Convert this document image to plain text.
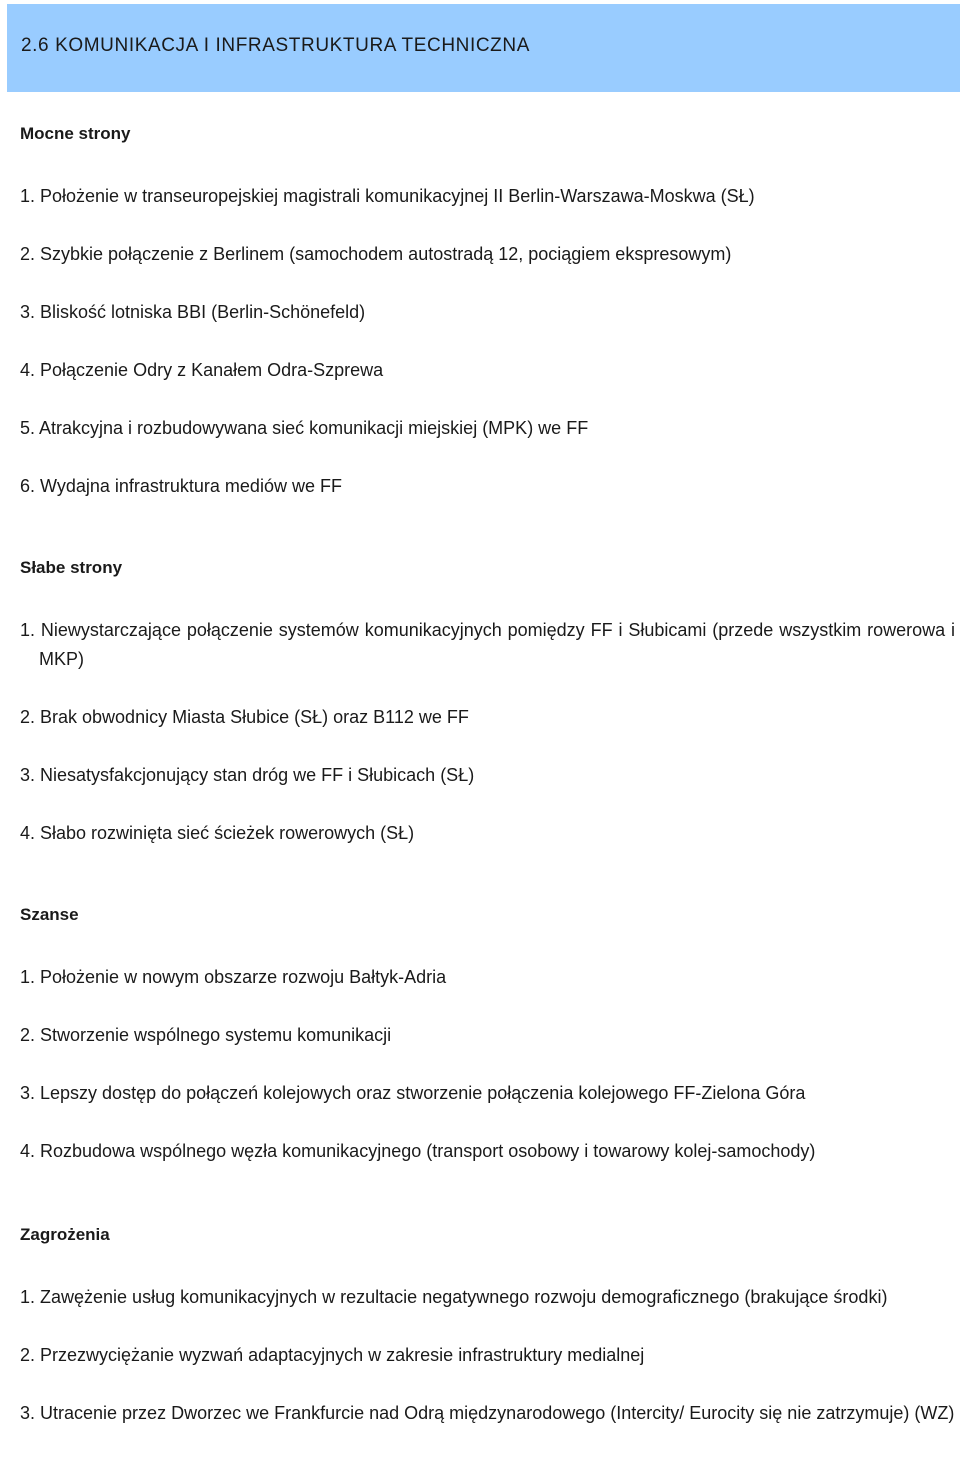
2.6 KOMUNIKACJA I INFRASTRUKTURA TECHNICZNA

Mocne strony

1. Położenie w transeuropejskiej magistrali komunikacyjnej II Berlin-Warszawa-Moskwa (SŁ)
2. Szybkie połączenie z Berlinem (samochodem autostradą 12, pociągiem ekspresowym)
3. Bliskość lotniska BBI (Berlin-Schönefeld)
4. Połączenie Odry z Kanałem Odra-Szprewa
5. Atrakcyjna i rozbudowywana sieć komunikacji miejskiej (MPK) we FF
6. Wydajna infrastruktura mediów we FF

Słabe strony

1. Niewystarczające połączenie systemów komunikacyjnych pomiędzy FF i Słubicami (przede wszystkim rowerowa i MKP)
2. Brak obwodnicy Miasta Słubice (SŁ) oraz B112 we FF
3. Niesatysfakcjonujący stan dróg we FF i Słubicach (SŁ)
4. Słabo rozwinięta sieć ścieżek rowerowych (SŁ)

Szanse

1. Położenie w nowym obszarze rozwoju Bałtyk-Adria
2. Stworzenie wspólnego systemu komunikacji
3. Lepszy dostęp do połączeń kolejowych oraz stworzenie połączenia kolejowego FF-Zielona Góra
4. Rozbudowa wspólnego węzła komunikacyjnego (transport osobowy i towarowy kolej-samochody)

Zagrożenia

1. Zawężenie usług komunikacyjnych w rezultacie negatywnego rozwoju demograficznego (brakujące środki)
2. Przezwyciężanie wyzwań adaptacyjnych w zakresie infrastruktury medialnej
3. Utracenie przez Dworzec we Frankfurcie nad Odrą międzynarodowego (Intercity/ Eurocity się nie zatrzymuje) (WZ)
